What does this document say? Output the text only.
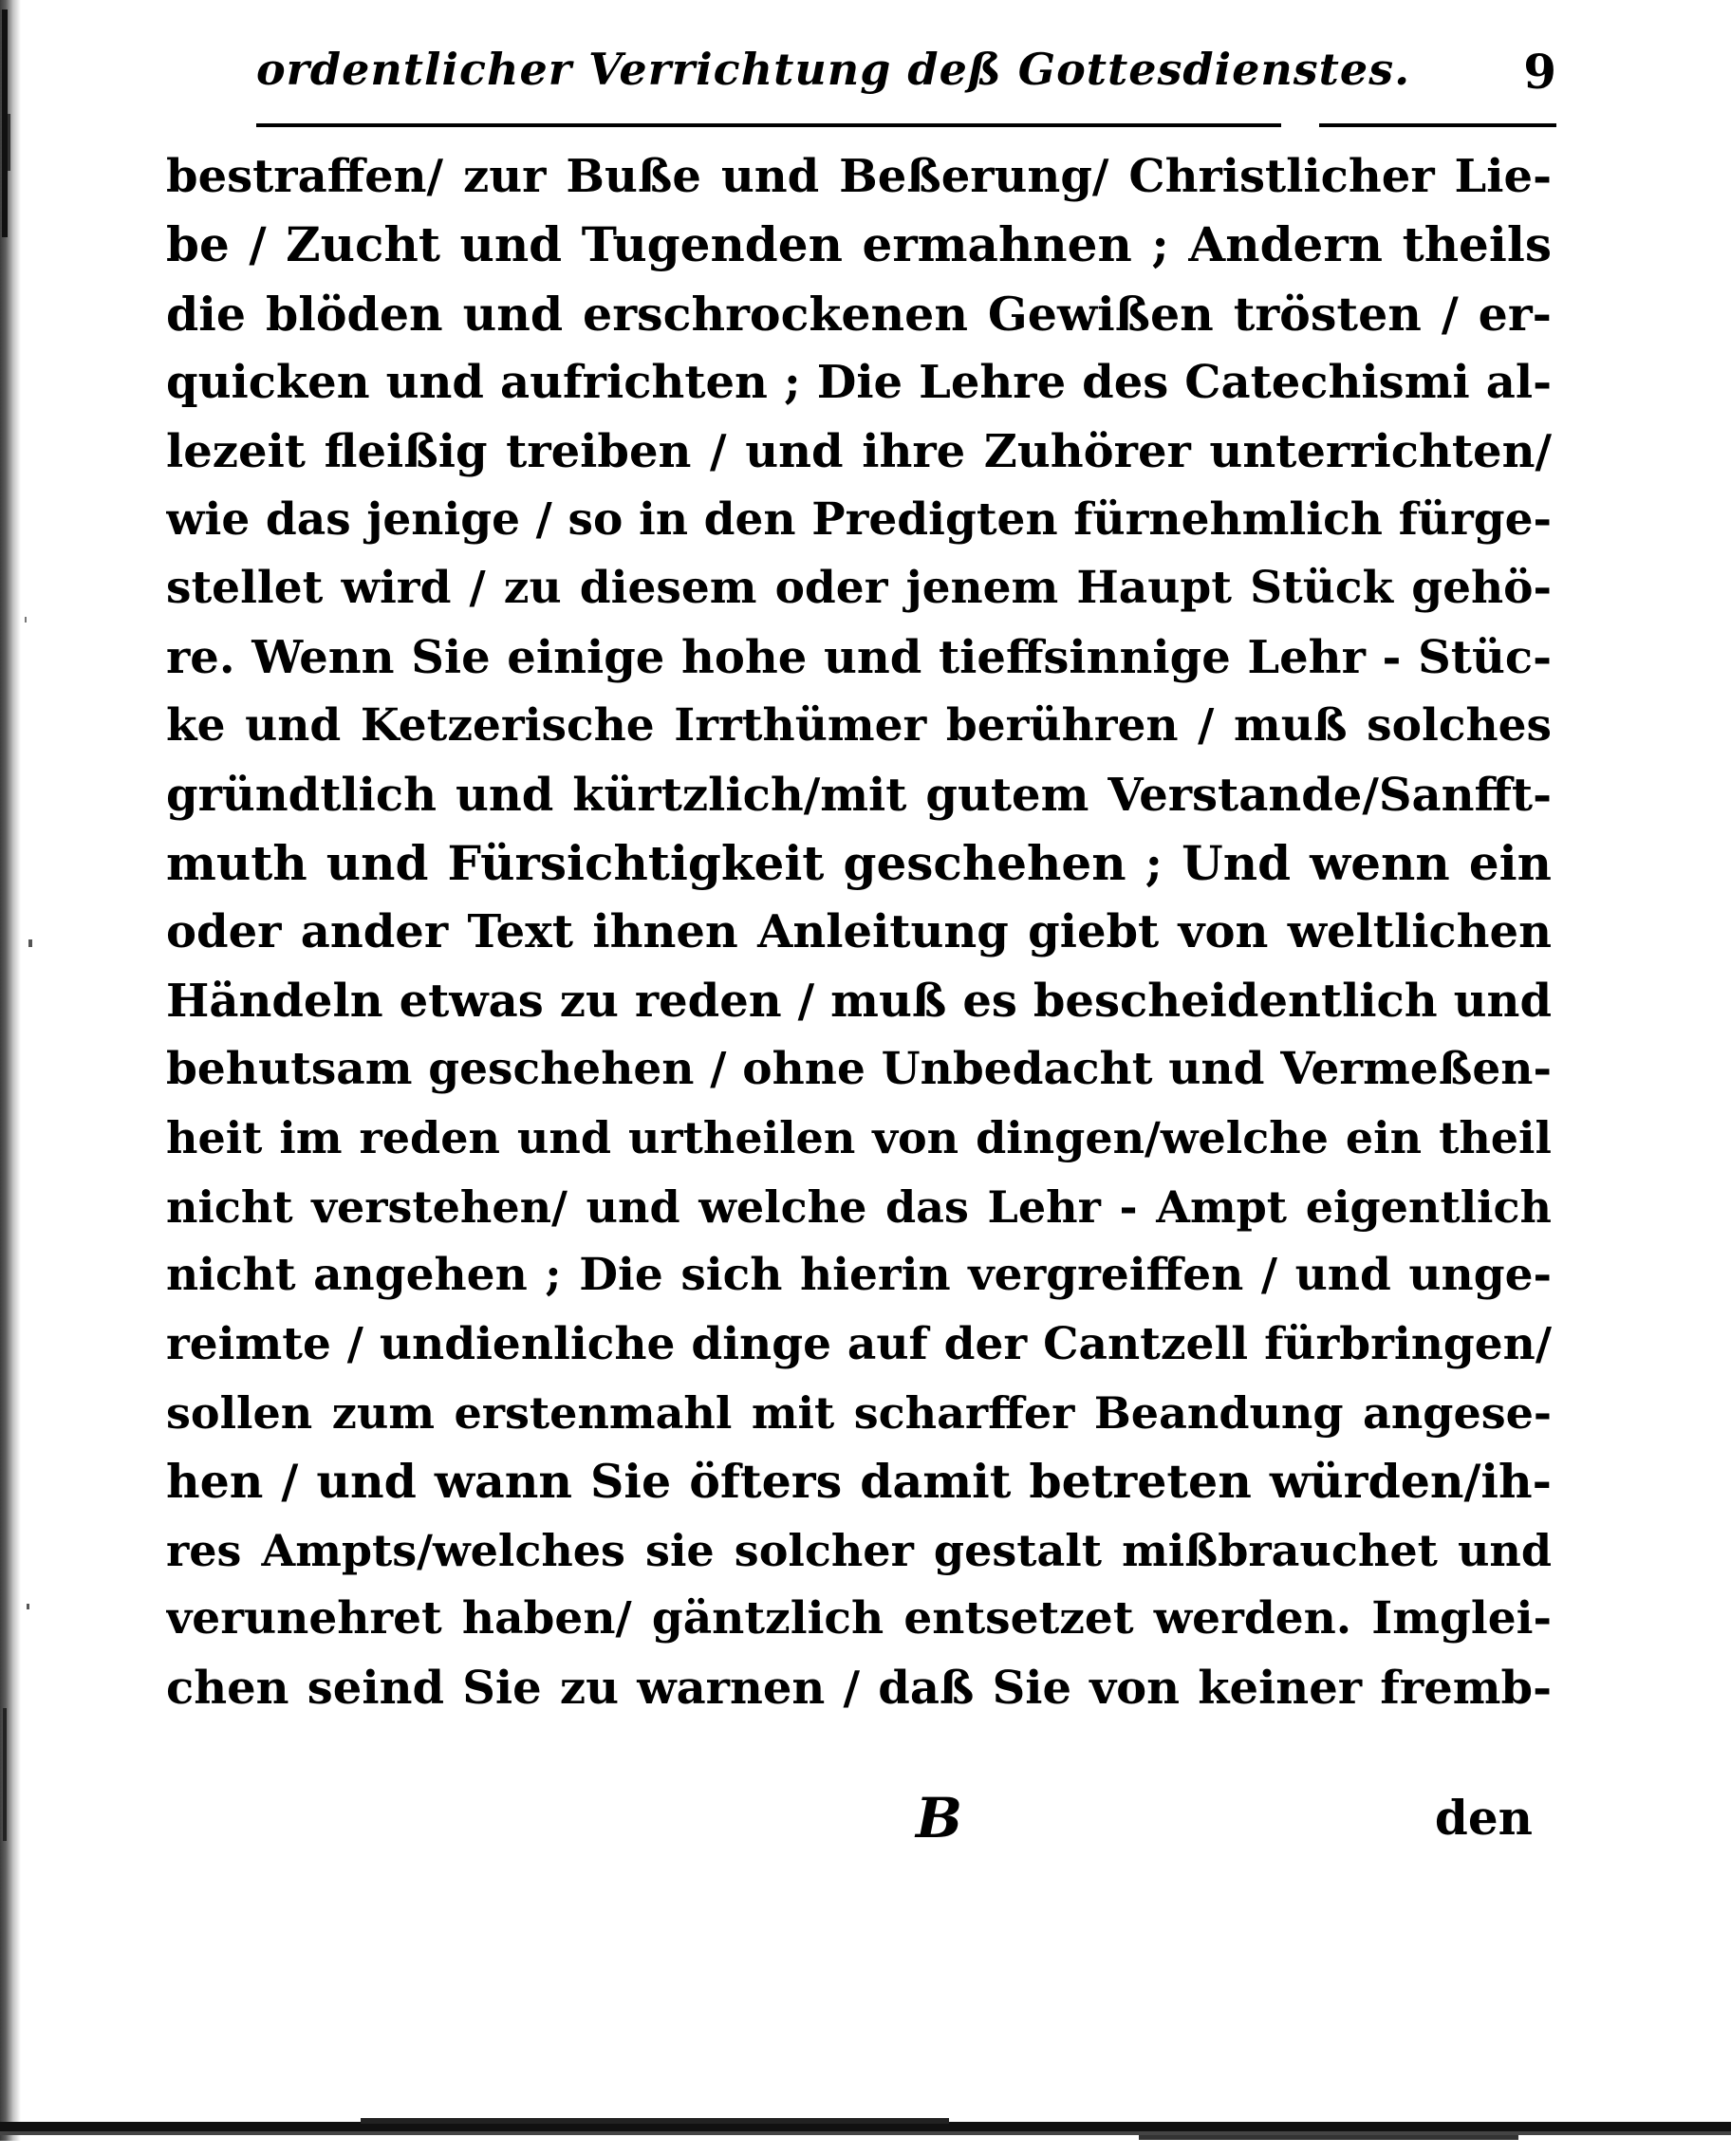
ordentlicher Verrichtung deß Gottesdienstes. 9
bestraffen/ zur Buße und Beßerung/ Christlicher Lie-
be / Zucht und Tugenden ermahnen ; Andern theils
die blöden und erschrockenen Gewißen trösten / er-
quicken und aufrichten ; Die Lehre des Catechismi al-
lezeit fleißig treiben / und ihre Zuhörer unterrichten/
wie das jenige / so in den Predigten fürnehmlich fürge-
stellet wird / zu diesem oder jenem Haupt Stück gehö-
re. Wenn Sie einige hohe und tieffsinnige Lehr - Stüc-
ke und Ketzerische Irrthümer berühren / muß solches
gründtlich und kürtzlich/mit gutem Verstande/Sanfft-
muth und Fürsichtigkeit geschehen ; Und wenn ein
oder ander Text ihnen Anleitung giebt von weltlichen
Händeln etwas zu reden / muß es bescheidentlich und
behutsam geschehen / ohne Unbedacht und Vermeßen-
heit im reden und urtheilen von dingen/welche ein theil
nicht verstehen/ und welche das Lehr - Ampt eigentlich
nicht angehen ; Die sich hierin vergreiffen / und unge-
reimte / undienliche dinge auf der Cantzell fürbringen/
sollen zum erstenmahl mit scharffer Beandung angese-
hen / und wann Sie öfters damit betreten würden/ih-
res Ampts/welches sie solcher gestalt mißbrauchet und
verunehret haben/ gäntzlich entsetzet werden. Imglei-
chen seind Sie zu warnen / daß Sie von keiner fremb-
B	den
